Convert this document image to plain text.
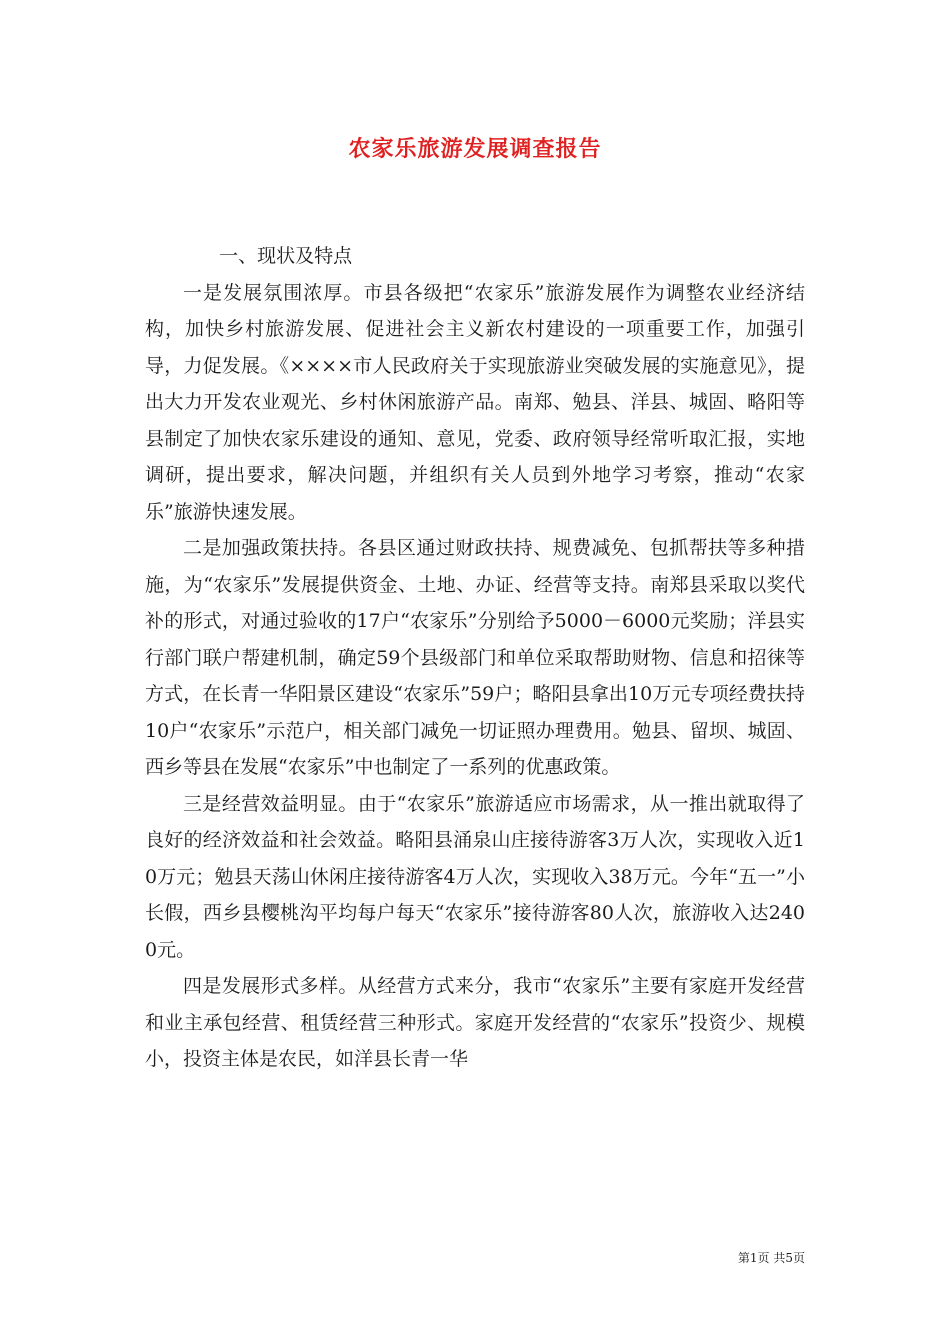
农家乐旅游发展调查报告

一、现状及特点

一是发展氛围浓厚。市县各级把“农家乐”旅游发展作为调整农业经济结构，加快乡村旅游发展、促进社会主义新农村建设的一项重要工作，加强引导，力促发展。《××××市人民政府关于实现旅游业突破发展的实施意见》，提出大力开发农业观光、乡村休闲旅游产品。南郑、勉县、洋县、城固、略阳等县制定了加快农家乐建设的通知、意见，党委、政府领导经常听取汇报，实地调研，提出要求，解决问题，并组织有关人员到外地学习考察，推动“农家乐”旅游快速发展。

二是加强政策扶持。各县区通过财政扶持、规费减免、包抓帮扶等多种措施，为“农家乐”发展提供资金、土地、办证、经营等支持。南郑县采取以奖代补的形式，对通过验收的17户“农家乐”分别给予5000－6000元奖励；洋县实行部门联户帮建机制，确定59个县级部门和单位采取帮助财物、信息和招徕等方式，在长青一华阳景区建设“农家乐”59户；略阳县拿出10万元专项经费扶持10户“农家乐”示范户，相关部门减免一切证照办理费用。勉县、留坝、城固、西乡等县在发展“农家乐”中也制定了一系列的优惠政策。

三是经营效益明显。由于“农家乐”旅游适应市场需求，从一推出就取得了良好的经济效益和社会效益。略阳县涌泉山庄接待游客3万人次，实现收入近10万元；勉县天荡山休闲庄接待游客4万人次，实现收入38万元。今年“五一”小长假，西乡县樱桃沟平均每户每天“农家乐”接待游客80人次，旅游收入达2400元。

四是发展形式多样。从经营方式来分，我市“农家乐”主要有家庭开发经营和业主承包经营、租赁经营三种形式。家庭开发经营的“农家乐”投资少、规模小，投资主体是农民，如洋县长青一华

第1页 共5页
